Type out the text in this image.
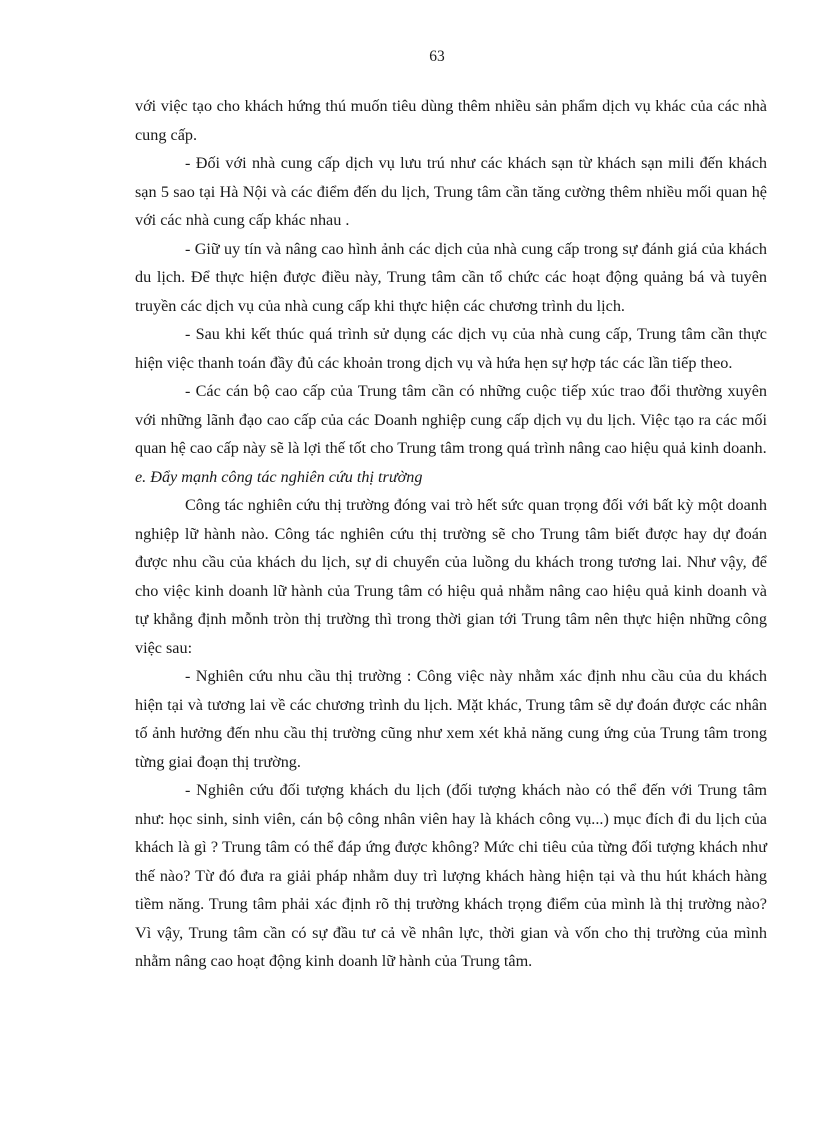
63

với việc tạo cho khách hứng thú muốn tiêu dùng thêm nhiều sản phẩm dịch vụ khác của các nhà cung cấp.

- Đối với nhà cung cấp dịch vụ lưu trú như các khách sạn từ khách sạn mili đến khách sạn 5 sao tại Hà Nội và các điểm đến du lịch, Trung tâm cần tăng cường thêm nhiều mối quan hệ với các nhà cung cấp khác nhau .

- Giữ uy tín và nâng cao hình ảnh các dịch của nhà cung cấp trong sự đánh giá của khách du lịch. Để thực hiện được điều này, Trung tâm cần tổ chức các hoạt động quảng bá và tuyên truyền các dịch vụ của nhà cung cấp khi thực hiện các chương trình du lịch.

- Sau khi kết thúc quá trình sử dụng các dịch vụ của nhà cung cấp, Trung tâm cần thực hiện việc thanh toán đầy đủ các khoản trong dịch vụ và hứa hẹn sự hợp tác các lần tiếp theo.

- Các cán bộ cao cấp của Trung tâm cần có những cuộc tiếp xúc trao đổi thường xuyên với những lãnh đạo cao cấp của các Doanh nghiệp cung cấp dịch vụ du lịch. Việc tạo ra các mối quan hệ cao cấp này sẽ là lợi thế tốt cho Trung tâm trong quá trình nâng cao hiệu quả kinh doanh.

e. Đẩy mạnh công tác nghiên cứu thị trường

Công tác nghiên cứu thị trường đóng vai trò hết sức quan trọng đối với bất kỳ một doanh nghiệp lữ hành nào. Công tác nghiên cứu thị trường sẽ cho Trung tâm biết được hay dự đoán được nhu cầu của khách du lịch, sự di chuyển của luồng du khách trong tương lai. Như vậy, để cho việc kinh doanh lữ hành của Trung tâm có hiệu quả nhằm nâng cao hiệu quả kinh doanh và tự khẳng định mỗnh tròn thị trường thì trong thời gian tới Trung tâm nên thực hiện những công việc sau:

- Nghiên cứu nhu cầu thị trường : Công việc này nhằm xác định nhu cầu của du khách hiện tại và tương lai về các chương trình du lịch. Mặt khác, Trung tâm sẽ dự đoán được các nhân tố ảnh hưởng đến nhu cầu thị trường cũng như xem xét khả năng cung ứng của Trung tâm trong từng giai đoạn thị trường.

- Nghiên cứu đối tượng khách du lịch (đối tượng khách nào có thể đến với Trung tâm như: học sinh, sinh viên, cán bộ công nhân viên hay là khách công vụ...) mục đích đi du lịch của khách là gì ? Trung tâm có thể đáp ứng được không? Mức chi tiêu của từng đối tượng khách như thế nào? Từ đó đưa ra giải pháp nhằm duy trì lượng khách hàng hiện tại và thu hút khách hàng tiềm năng. Trung tâm phải xác định rõ thị trường khách trọng điểm của mình là thị trường nào? Vì vậy, Trung tâm cần có sự đầu tư cả về nhân lực, thời gian và vốn cho thị trường của mình nhằm nâng cao hoạt động kinh doanh lữ hành của Trung tâm.
